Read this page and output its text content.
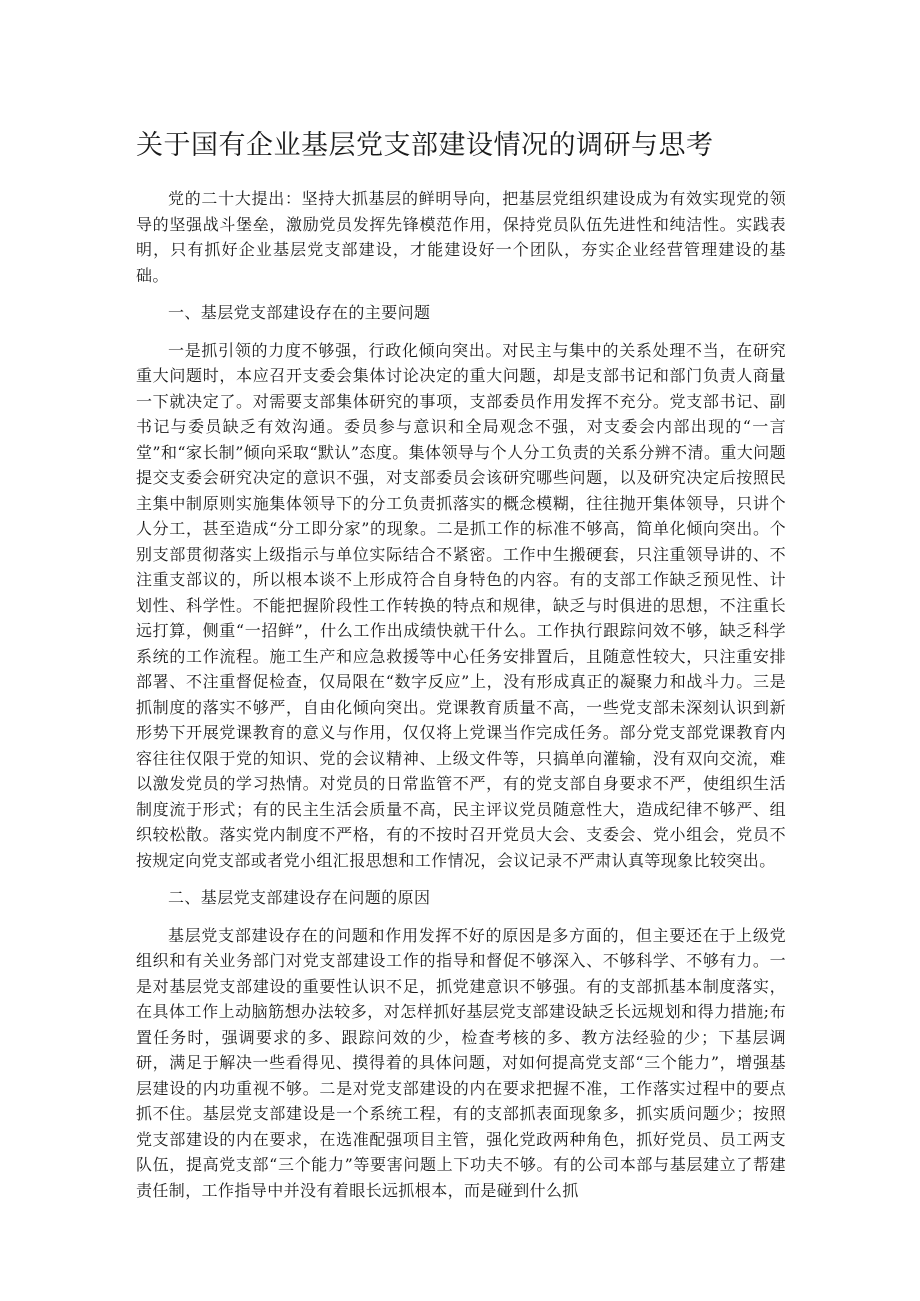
关于国有企业基层党支部建设情况的调研与思考

党的二十大提出：坚持大抓基层的鲜明导向，把基层党组织建设成为有效实现党的领导的坚强战斗堡垒，激励党员发挥先锋模范作用，保持党员队伍先进性和纯洁性。实践表明，只有抓好企业基层党支部建设，才能建设好一个团队，夯实企业经营管理建设的基础。

一、基层党支部建设存在的主要问题

一是抓引领的力度不够强，行政化倾向突出。对民主与集中的关系处理不当，在研究重大问题时，本应召开支委会集体讨论决定的重大问题，却是支部书记和部门负责人商量一下就决定了。对需要支部集体研究的事项，支部委员作用发挥不充分。党支部书记、副书记与委员缺乏有效沟通。委员参与意识和全局观念不强，对支委会内部出现的“一言堂”和“家长制”倾向采取“默认”态度。集体领导与个人分工负责的关系分辨不清。重大问题提交支委会研究决定的意识不强，对支部委员会该研究哪些问题，以及研究决定后按照民主集中制原则实施集体领导下的分工负责抓落实的概念模糊，往往抛开集体领导，只讲个人分工，甚至造成“分工即分家”的现象。二是抓工作的标准不够高，简单化倾向突出。个别支部贯彻落实上级指示与单位实际结合不紧密。工作中生搬硬套，只注重领导讲的、不注重支部议的，所以根本谈不上形成符合自身特色的内容。有的支部工作缺乏预见性、计划性、科学性。不能把握阶段性工作转换的特点和规律，缺乏与时俱进的思想，不注重长远打算，侧重“一招鲜”，什么工作出成绩快就干什么。工作执行跟踪问效不够，缺乏科学系统的工作流程。施工生产和应急救援等中心任务安排置后，且随意性较大，只注重安排部署、不注重督促检查，仅局限在“数字反应”上，没有形成真正的凝聚力和战斗力。三是抓制度的落实不够严，自由化倾向突出。党课教育质量不高，一些党支部未深刻认识到新形势下开展党课教育的意义与作用，仅仅将上党课当作完成任务。部分党支部党课教育内容往往仅限于党的知识、党的会议精神、上级文件等，只搞单向灌输，没有双向交流，难以激发党员的学习热情。对党员的日常监管不严，有的党支部自身要求不严，使组织生活制度流于形式；有的民主生活会质量不高，民主评议党员随意性大，造成纪律不够严、组织较松散。落实党内制度不严格，有的不按时召开党员大会、支委会、党小组会，党员不按规定向党支部或者党小组汇报思想和工作情况，会议记录不严肃认真等现象比较突出。

二、基层党支部建设存在问题的原因

基层党支部建设存在的问题和作用发挥不好的原因是多方面的，但主要还在于上级党组织和有关业务部门对党支部建设工作的指导和督促不够深入、不够科学、不够有力。一是对基层党支部建设的重要性认识不足，抓党建意识不够强。有的支部抓基本制度落实，在具体工作上动脑筋想办法较多，对怎样抓好基层党支部建设缺乏长远规划和得力措施;布置任务时，强调要求的多、跟踪问效的少，检查考核的多、教方法经验的少；下基层调研，满足于解决一些看得见、摸得着的具体问题，对如何提高党支部“三个能力”，增强基层建设的内功重视不够。二是对党支部建设的内在要求把握不准，工作落实过程中的要点抓不住。基层党支部建设是一个系统工程，有的支部抓表面现象多，抓实质问题少；按照党支部建设的内在要求，在选准配强项目主管，强化党政两种角色，抓好党员、员工两支队伍，提高党支部“三个能力”等要害问题上下功夫不够。有的公司本部与基层建立了帮建责任制，工作指导中并没有着眼长远抓根本，而是碰到什么抓
